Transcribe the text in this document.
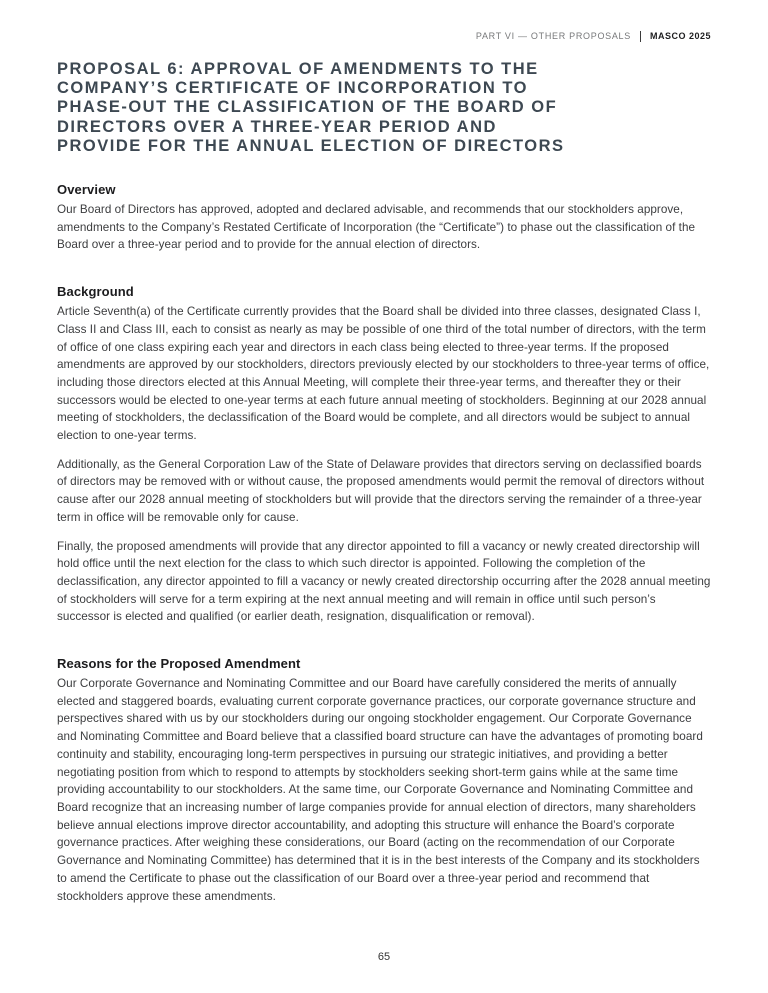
PART VI — OTHER PROPOSALS MASCO 2025
PROPOSAL 6: APPROVAL OF AMENDMENTS TO THE
COMPANY’S CERTIFICATE OF INCORPORATION TO
PHASE-OUT THE CLASSIFICATION OF THE BOARD OF
DIRECTORS OVER A THREE-YEAR PERIOD AND
PROVIDE FOR THE ANNUAL ELECTION OF DIRECTORS
Overview

Our Board of Directors has approved, adopted and declared advisable, and recommends that our stockholders approve, amendments to the Company’s Restated Certificate of Incorporation (the “Certificate”) to phase out the classification of the Board over a three-year period and to provide for the annual election of directors.

Background

Article Seventh(a) of the Certificate currently provides that the Board shall be divided into three classes, designated Class I, Class II and Class III, each to consist as nearly as may be possible of one third of the total number of directors, with the term of office of one class expiring each year and directors in each class being elected to three-year terms. If the proposed amendments are approved by our stockholders, directors previously elected by our stockholders to three-year terms of office, including those directors elected at this Annual Meeting, will complete their three-year terms, and thereafter they or their successors would be elected to one-year terms at each future annual meeting of stockholders. Beginning at our 2028 annual meeting of stockholders, the declassification of the Board would be complete, and all directors would be subject to annual election to one-year terms.

Additionally, as the General Corporation Law of the State of Delaware provides that directors serving on declassified boards of directors may be removed with or without cause, the proposed amendments would permit the removal of directors without cause after our 2028 annual meeting of stockholders but will provide that the directors serving the remainder of a three-year term in office will be removable only for cause.

Finally, the proposed amendments will provide that any director appointed to fill a vacancy or newly created directorship will hold office until the next election for the class to which such director is appointed. Following the completion of the declassification, any director appointed to fill a vacancy or newly created directorship occurring after the 2028 annual meeting of stockholders will serve for a term expiring at the next annual meeting and will remain in office until such person’s successor is elected and qualified (or earlier death, resignation, disqualification or removal).

Reasons for the Proposed Amendment

Our Corporate Governance and Nominating Committee and our Board have carefully considered the merits of annually elected and staggered boards, evaluating current corporate governance practices, our corporate governance structure and perspectives shared with us by our stockholders during our ongoing stockholder engagement. Our Corporate Governance and Nominating Committee and Board believe that a classified board structure can have the advantages of promoting board continuity and stability, encouraging long-term perspectives in pursuing our strategic initiatives, and providing a better negotiating position from which to respond to attempts by stockholders seeking short-term gains while at the same time providing accountability to our stockholders. At the same time, our Corporate Governance and Nominating Committee and Board recognize that an increasing number of large companies provide for annual election of directors, many shareholders believe annual elections improve director accountability, and adopting this structure will enhance the Board’s corporate governance practices. After weighing these considerations, our Board (acting on the recommendation of our Corporate Governance and Nominating Committee) has determined that it is in the best interests of the Company and its stockholders to amend the Certificate to phase out the classification of our Board over a three-year period and recommend that stockholders approve these amendments.

65
